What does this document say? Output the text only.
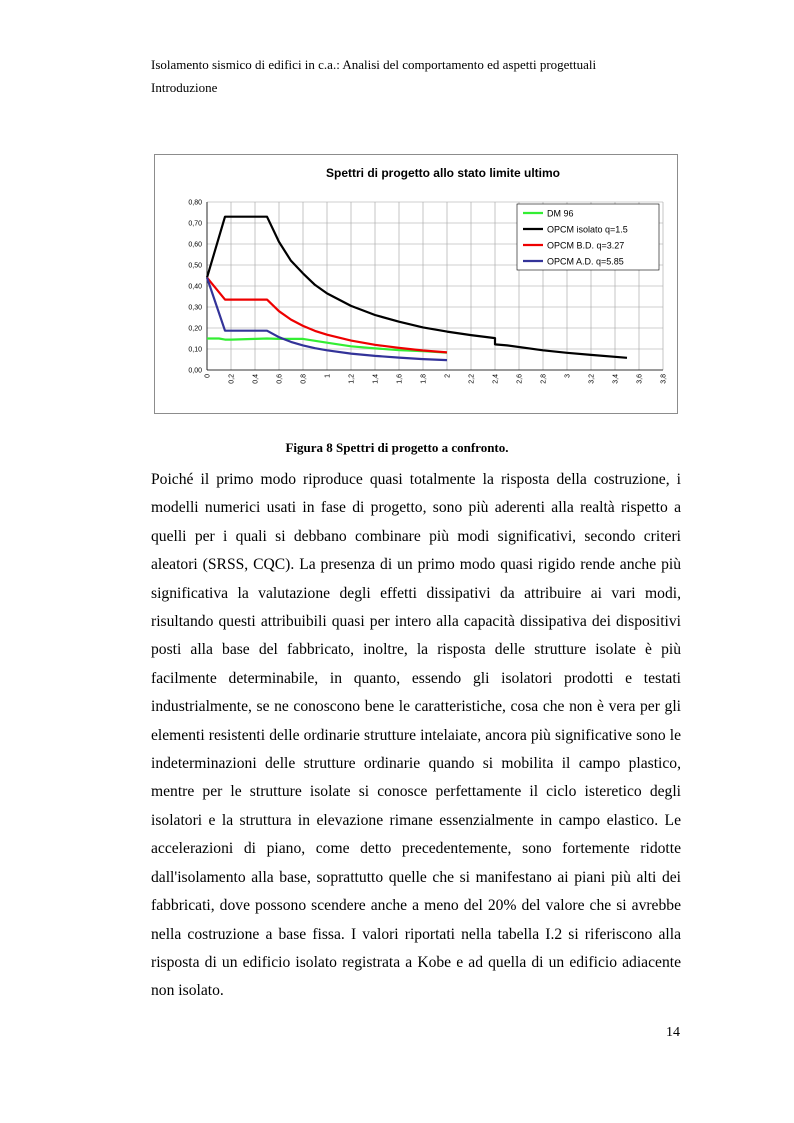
Isolamento sismico di edifici in c.a.: Analisi del comportamento ed aspetti progettuali
Introduzione
Spettri di progetto allo stato limite ultimo
0,00
0,10
0,20
0,30
0,40
0,50
0,60
0,70
0,80
0 0,2 0,4 0,6 0,8 1 1,2 1,4 1,6 1,8 2 2,2 2,4 2,6 2,8 3 3,2 3,4 3,6 3,8
DM 96
OPCM isolato q=1.5
OPCM B.D. q=3.27
OPCM A.D. q=5.85
Figura 8 Spettri di progetto a confronto.

Poiché il primo modo riproduce quasi totalmente la risposta della costruzione, i modelli numerici usati in fase di progetto, sono più aderenti alla realtà rispetto a quelli per i quali si debbano combinare più modi significativi, secondo criteri aleatori (SRSS, CQC). La presenza di un primo modo quasi rigido rende anche più significativa la valutazione degli effetti dissipativi da attribuire ai vari modi, risultando questi attribuibili quasi per intero alla capacità dissipativa dei dispositivi posti alla base del fabbricato, inoltre, la risposta delle strutture isolate è più facilmente determinabile, in quanto, essendo gli isolatori prodotti e testati industrialmente, se ne conoscono bene le caratteristiche, cosa che non è vera per gli elementi resistenti delle ordinarie strutture intelaiate, ancora più significative sono le indeterminazioni delle strutture ordinarie quando si mobilita il campo plastico, mentre per le strutture isolate si conosce perfettamente il ciclo isteretico degli isolatori e la struttura in elevazione rimane essenzialmente in campo elastico. Le accelerazioni di piano, come detto precedentemente, sono fortemente ridotte dall'isolamento alla base, soprattutto quelle che si manifestano ai piani più alti dei fabbricati, dove possono scendere anche a meno del 20% del valore che si avrebbe nella costruzione a base fissa. I valori riportati nella tabella I.2 si riferiscono alla risposta di un edificio isolato registrata a Kobe e ad quella di un edificio adiacente non isolato.

14
